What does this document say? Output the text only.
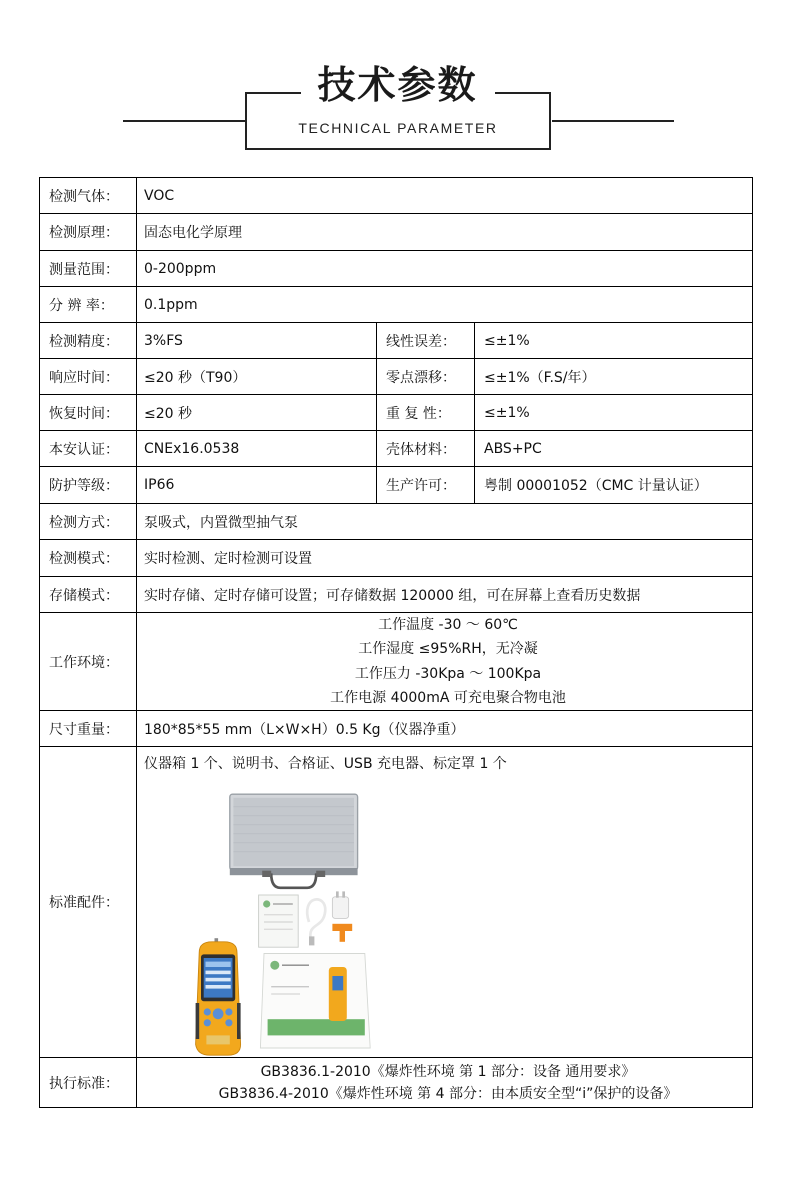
技术参数
TECHNICAL PARAMETER
检测气体：	VOC
检测原理：	固态电化学原理
测量范围：	0-200ppm
分 辨 率：	0.1ppm
检测精度：	3%FS	线性误差：	≤±1%
响应时间：	≤20 秒（T90）	零点漂移：	≤±1%（F.S/年）
恢复时间：	≤20 秒	重 复 性：	≤±1%
本安认证：	CNEx16.0538	壳体材料：	ABS+PC
防护等级：	IP66	生产许可：	粤制 00001052（CMC 计量认证）
检测方式：	泵吸式，内置微型抽气泵
检测模式：	实时检测、定时检测可设置
存储模式：	实时存储、定时存储可设置；可存储数据 120000 组，可在屏幕上查看历史数据
工作环境：
工作温度 -30 ～ 60℃
工作湿度 ≤95%RH，无冷凝
工作压力 -30Kpa ～ 100Kpa
工作电源 4000mA 可充电聚合物电池
尺寸重量：	180*85*55 mm（L×W×H）0.5 Kg（仪器净重）
标准配件：
仪器箱 1 个、说明书、合格证、USB 充电器、标定罩 1 个
执行标准：
GB3836.1-2010《爆炸性环境 第 1 部分：设备 通用要求》
GB3836.4-2010《爆炸性环境 第 4 部分：由本质安全型“i”保护的设备》
